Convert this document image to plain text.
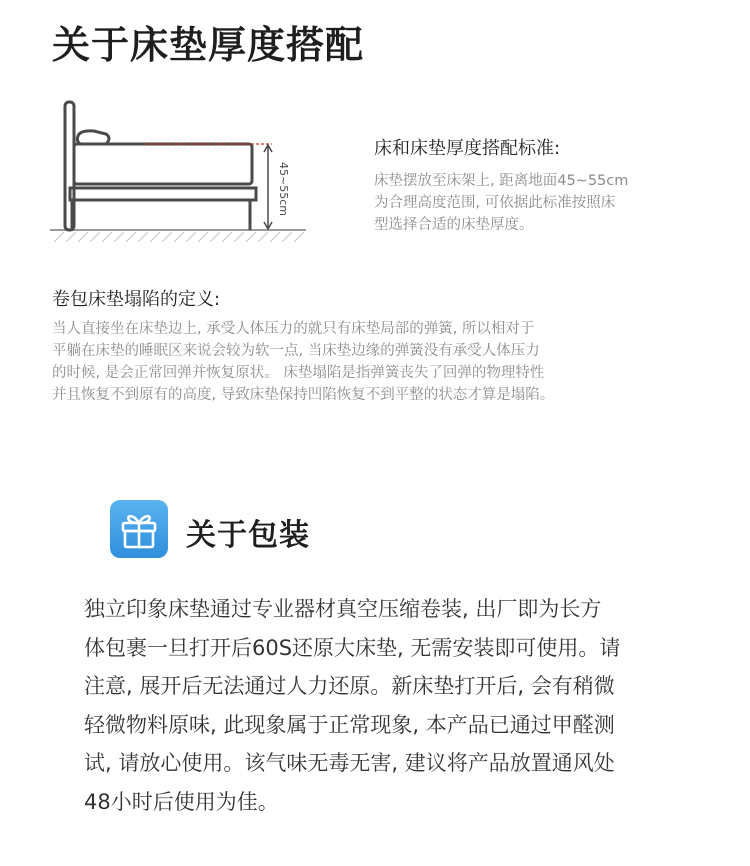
关于床垫厚度搭配
45~55cm
床和床垫厚度搭配标准:
床垫摆放至床架上, 距离地面45~55cm
为合理高度范围, 可依据此标准按照床
型选择合适的床垫厚度。
卷包床垫塌陷的定义:
当人直接坐在床垫边上, 承受人体压力的就只有床垫局部的弹簧, 所以相对于
平躺在床垫的睡眠区来说会较为软一点, 当床垫边缘的弹簧没有承受人体压力
的时候, 是会正常回弹并恢复原状。 床垫塌陷是指弹簧丧失了回弹的物理特性
并且恢复不到原有的高度, 导致床垫保持凹陷恢复不到平整的状态才算是塌陷。
关于包装
独立印象床垫通过专业器材真空压缩卷装, 出厂即为长方
体包裹一旦打开后60S还原大床垫, 无需安装即可使用。请
注意, 展开后无法通过人力还原。新床垫打开后, 会有稍微
轻微物料原味, 此现象属于正常现象, 本产品已通过甲醛测
试, 请放心使用。该气味无毒无害, 建议将产品放置通风处
48小时后使用为佳。
